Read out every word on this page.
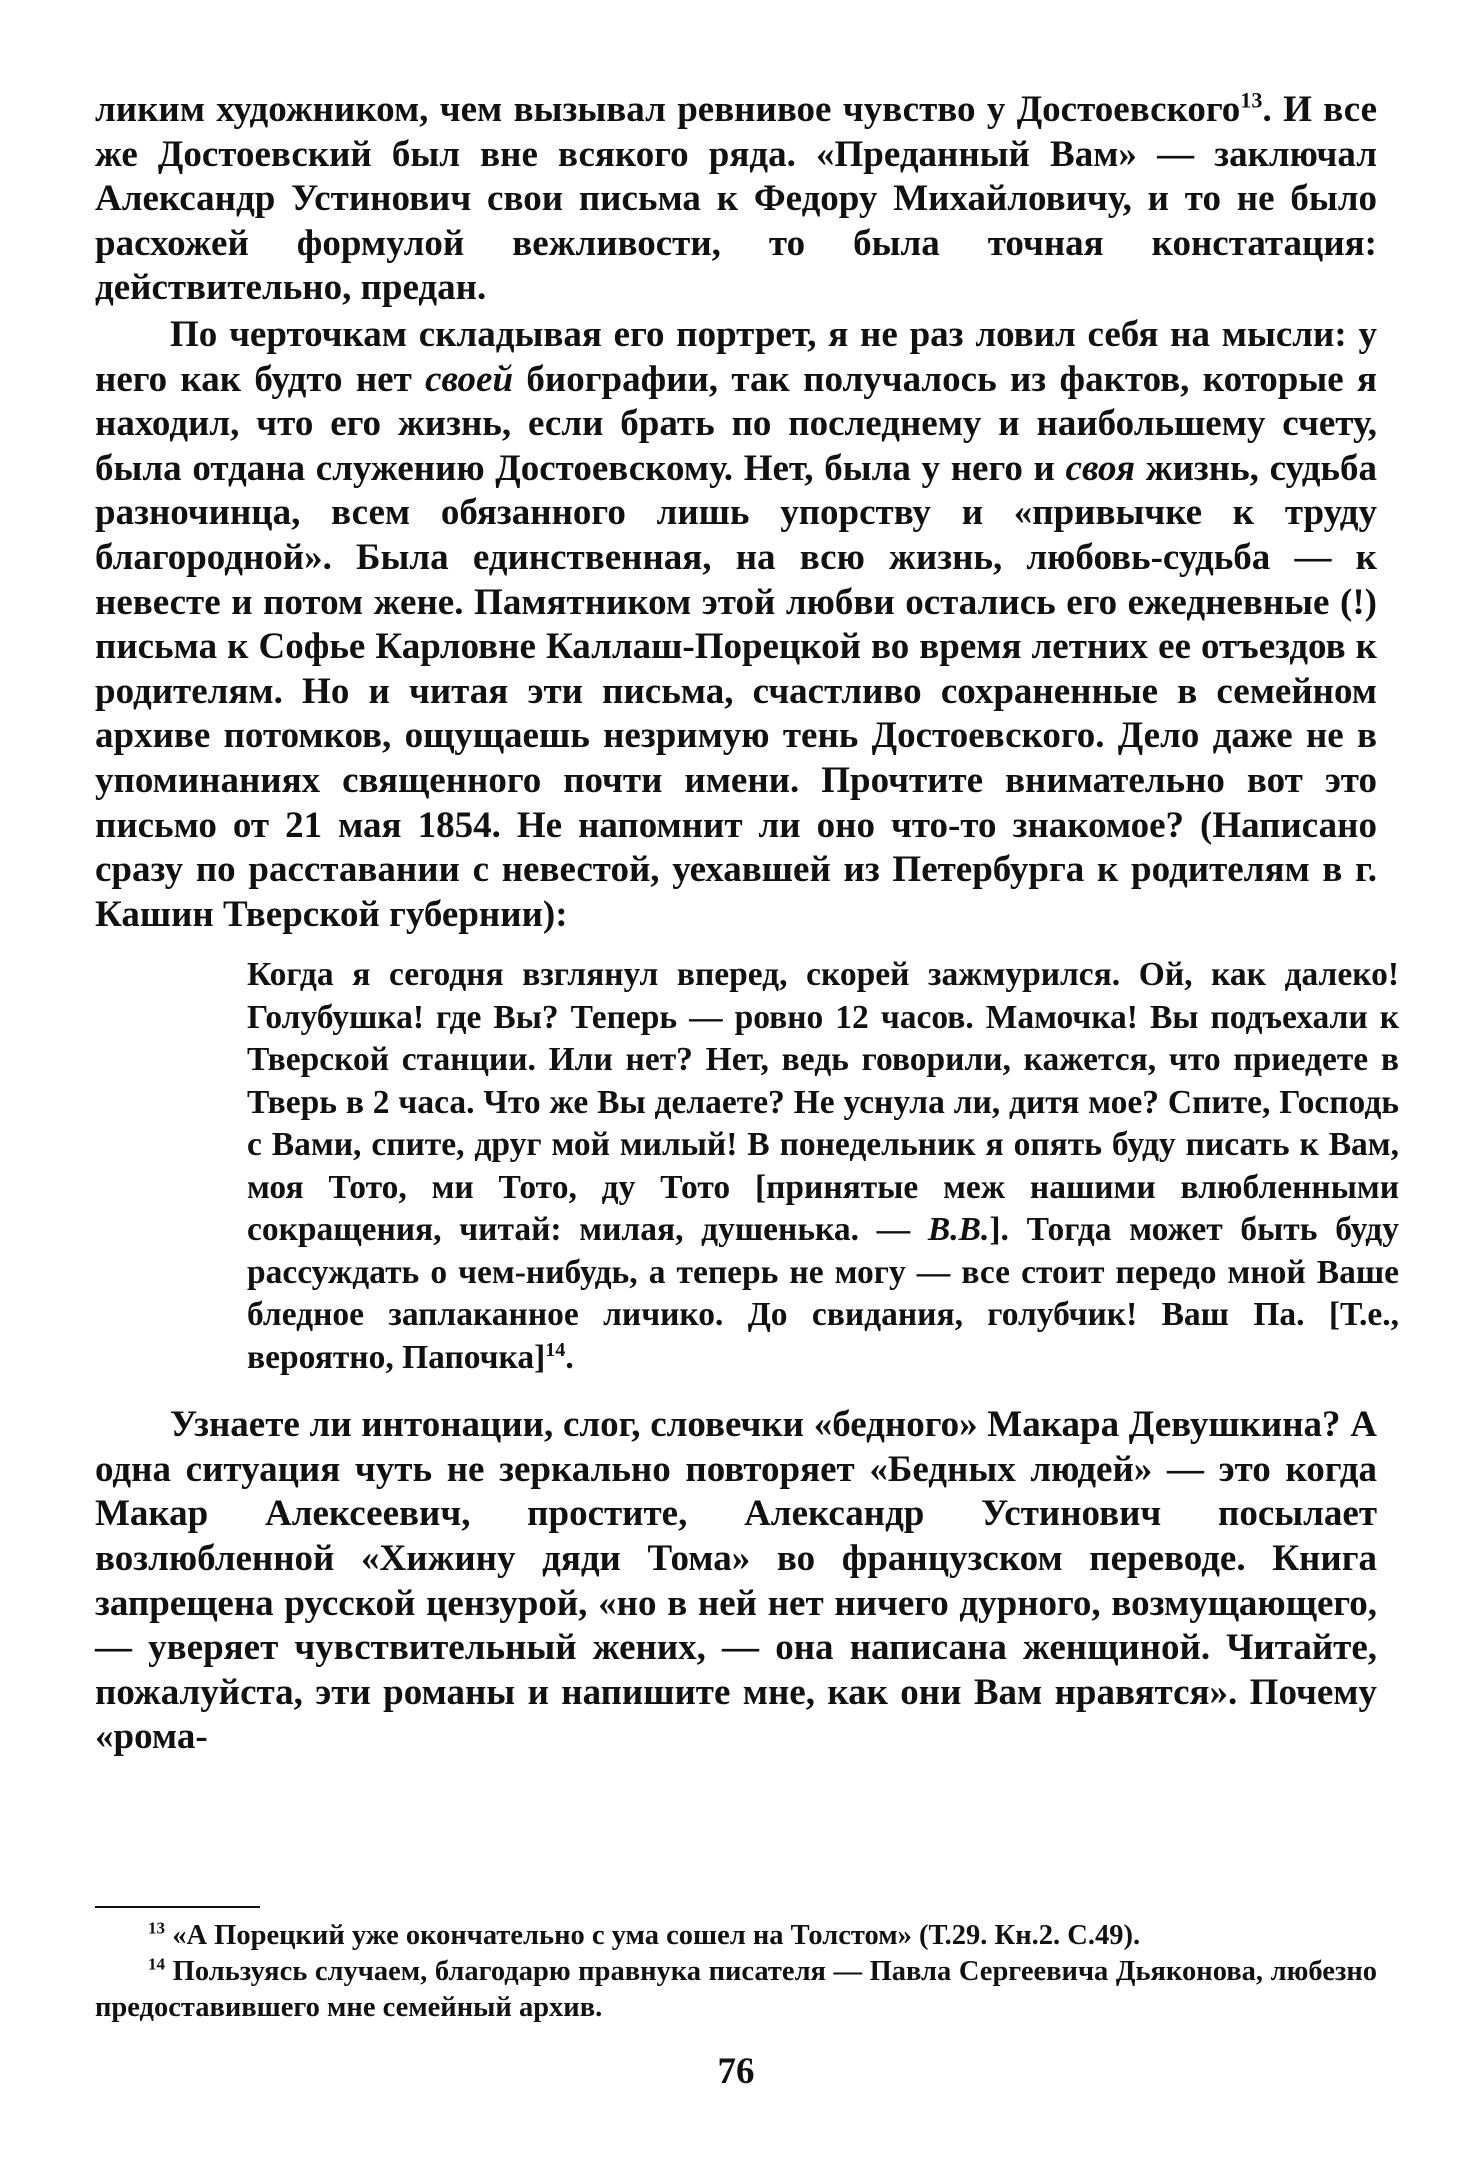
ликим художником, чем вызывал ревнивое чувство у Достоевского$^{13}$. И все же Достоевский был вне всякого ряда. «Преданный Вам» — заключал Александр Устинович свои письма к Федору Михайловичу, и то не было расхожей формулой вежливости, то была точная констатация: действительно, предан.

По черточкам складывая его портрет, я не раз ловил себя на мысли: у него как будто нет своей биографии, так получалось из фактов, которые я находил, что его жизнь, если брать по последнему и наибольшему счету, была отдана служению Достоевскому. Нет, была у него и своя жизнь, судьба разночинца, всем обязанного лишь упорству и «привычке к труду благородной». Была единственная, на всю жизнь, любовь-судьба — к невесте и потом жене. Памятником этой любви остались его ежедневные (!) письма к Софье Карловне Каллаш-Порецкой во время летних ее отъездов к родителям. Но и читая эти письма, счастливо сохраненные в семейном архиве потомков, ощущаешь незримую тень Достоевского. Дело даже не в упоминаниях священного почти имени. Прочтите внимательно вот это письмо от 21 мая 1854. Не напомнит ли оно что-то знакомое? (Написано сразу по расставании с невестой, уехавшей из Петербурга к родителям в г. Кашин Тверской губернии):

Когда я сегодня взглянул вперед, скорей зажмурился. Ой, как далеко! Голубушка! где Вы? Теперь — ровно 12 часов. Мамочка! Вы подъехали к Тверской станции. Или нет? Нет, ведь говорили, кажется, что приедете в Тверь в 2 часа. Что же Вы делаете? Не уснула ли, дитя мое? Спите, Господь с Вами, спите, друг мой милый! В понедельник я опять буду писать к Вам, моя Тото, ми Тото, ду Тото [принятые меж нашими влюбленными сокращения, читай: милая, душенька. — В.В.]. Тогда может быть буду рассуждать о чем-нибудь, а теперь не могу — все стоит передо мной Ваше бледное заплаканное личико. До свидания, голубчик! Ваш Па. [Т.е., вероятно, Папочка]$^{14}$.

Узнаете ли интонации, слог, словечки «бедного» Макара Девушкина? А одна ситуация чуть не зеркально повторяет «Бедных людей» — это когда Макар Алексеевич, простите, Александр Устинович посылает возлюбленной «Хижину дяди Тома» во французском переводе. Книга запрещена русской цензурой, «но в ней нет ничего дурного, возмущающего, — уверяет чувствительный жених, — она написана женщиной. Читайте, пожалуйста, эти романы и напишите мне, как они Вам нравятся». Почему «рома-

$^{13}$ «А Порецкий уже окончательно с ума сошел на Толстом» (Т.29. Кн.2. С.49).

$^{14}$ Пользуясь случаем, благодарю правнука писателя — Павла Сергеевича Дьяконова, любезно предоставившего мне семейный архив.

76
